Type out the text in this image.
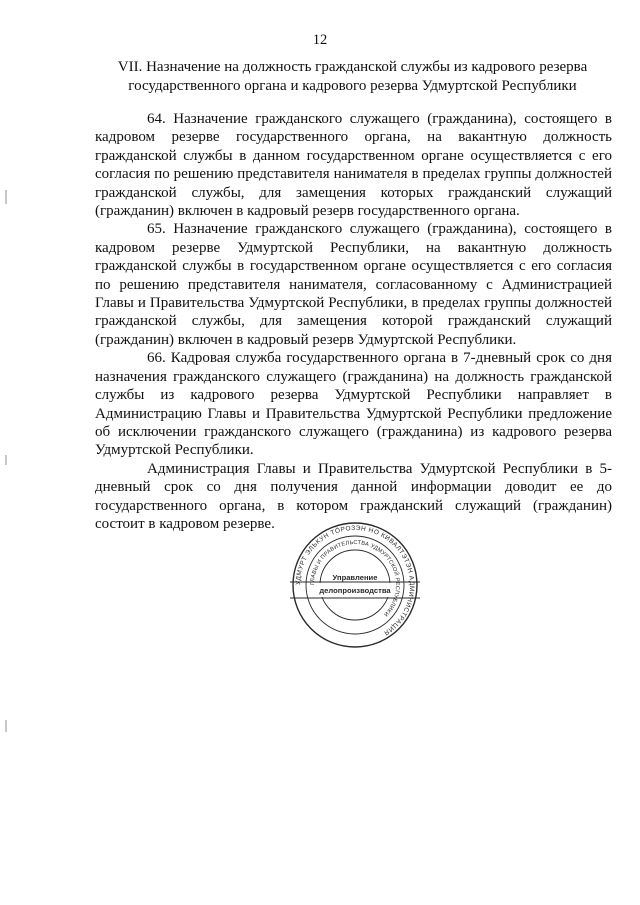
12
VII. Назначение на должность гражданской службы из кадрового резерва государственного органа и кадрового резерва Удмуртской Республики

64. Назначение гражданского служащего (гражданина), состоящего в кадровом резерве государственного органа, на вакантную должность гражданской службы в данном государственном органе осуществляется с его согласия по решению представителя нанимателя в пределах группы должностей гражданской службы, для замещения которых гражданский служащий (гражданин) включен в кадровый резерв государственного органа.

65. Назначение гражданского служащего (гражданина), состоящего в кадровом резерве Удмуртской Республики, на вакантную должность гражданской службы в государственном органе осуществляется с его согласия по решению представителя нанимателя, согласованному с Администрацией Главы и Правительства Удмуртской Республики, в пределах группы должностей гражданской службы, для замещения которой гражданский служащий (гражданин) включен в кадровый резерв Удмуртской Республики.

66. Кадровая служба государственного органа в 7-дневный срок со дня назначения гражданского служащего (гражданина) на должность гражданской службы из кадрового резерва Удмуртской Республики направляет в Администрацию Главы и Правительства Удмуртской Республики предложение об исключении гражданского служащего (гражданина) из кадрового резерва Удмуртской Республики.

Администрация Главы и Правительства Удмуртской Республики в 5-дневный срок со дня получения данной информации доводит ее до государственного органа, в котором гражданский служащий (гражданин) состоит в кадровом резерве.

УДМУРТ ЭЛЬКУН ТӦРОЗЭН НО КИВАЛТЭТЭН АДМИНИСТРАЦИЯ
ГЛАВЫ И ПРАВИТЕЛЬСТВА УДМУРТСКОЙ РЕСПУБЛИКИ
Управление
делопроизводства
